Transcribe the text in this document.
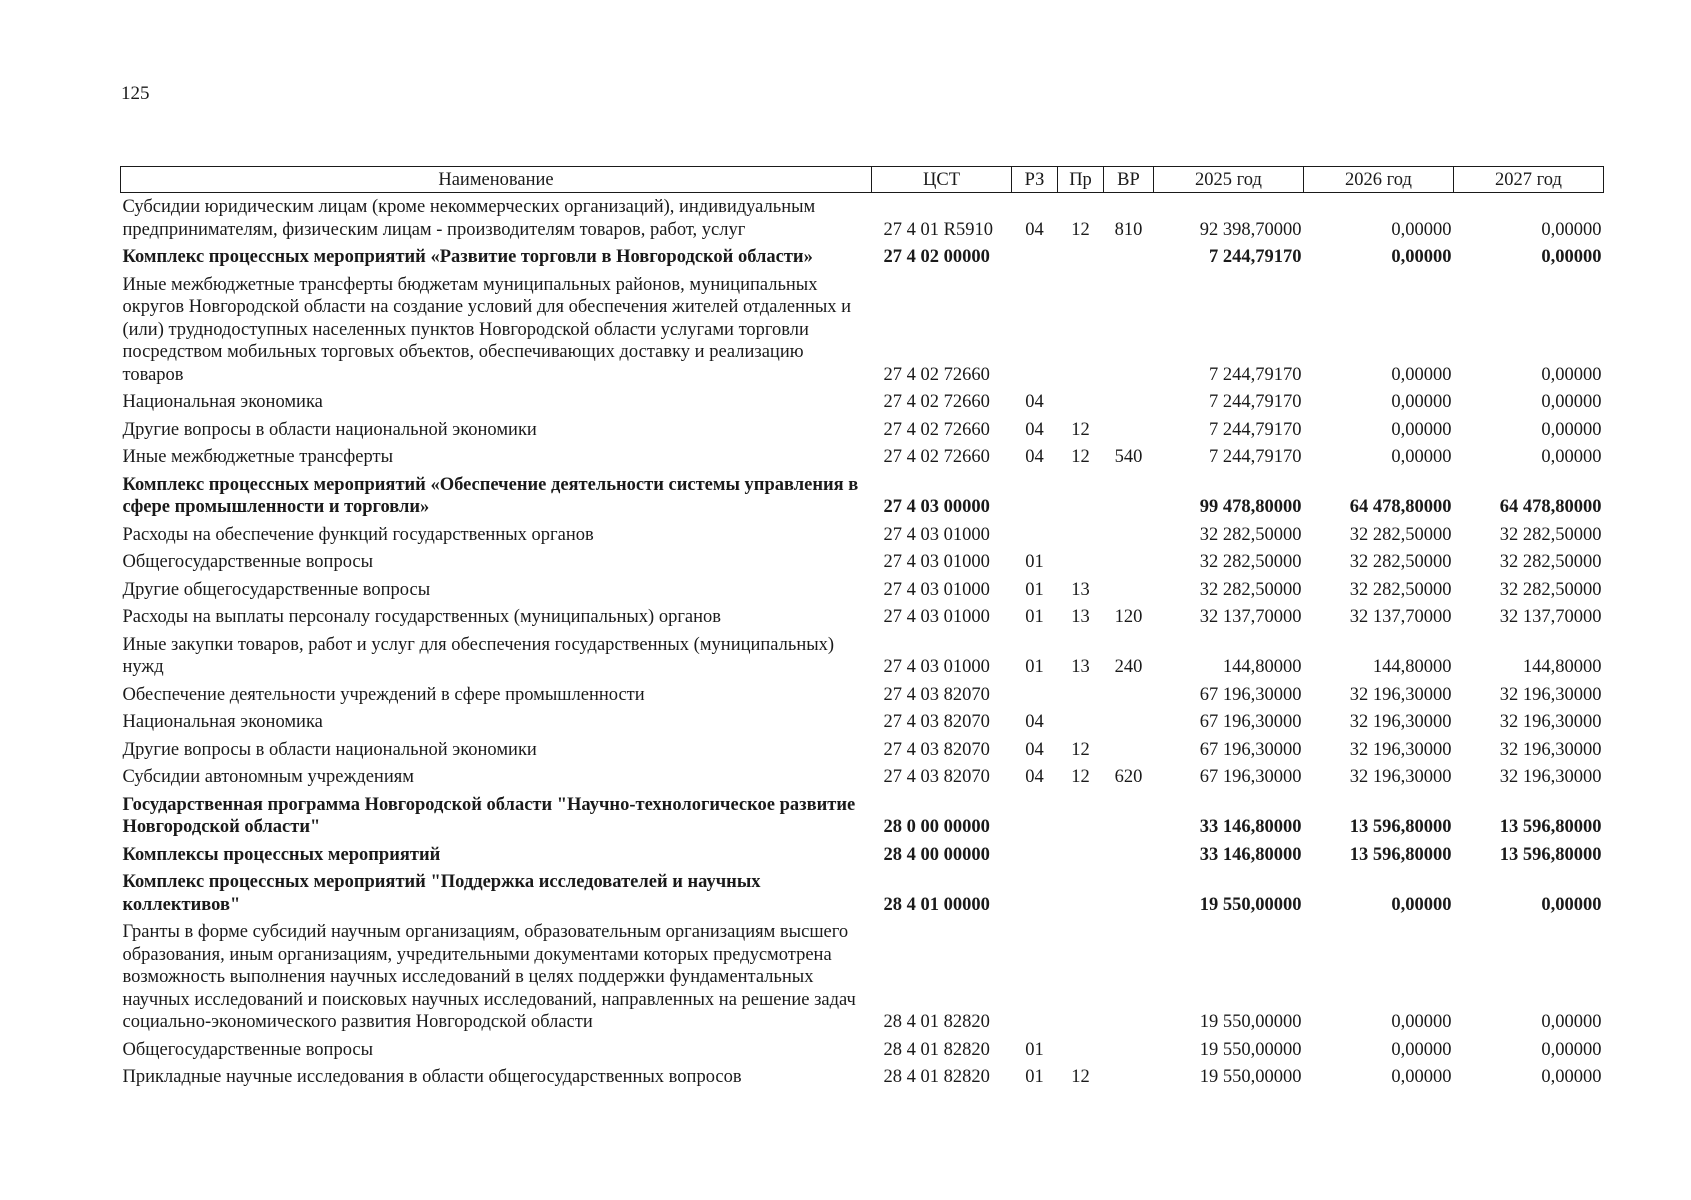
125
Наименование	ЦСТ	РЗ	Пр	ВР	2025 год	2026 год	2027 год
Субсидии юридическим лицам (кроме некоммерческих организаций), индивидуальным предпринимателям, физическим лицам - производителям товаров, работ, услуг	27 4 01 R5910	04	12	810	92 398,70000	0,00000	0,00000
Комплекс процессных мероприятий «Развитие торговли в Новгородской области»	27 4 02 00000				7 244,79170	0,00000	0,00000
Иные межбюджетные трансферты бюджетам муниципальных районов, муниципальных округов Новгородской области на создание условий для обеспечения жителей отдаленных и (или) труднодоступных населенных пунктов Новгородской области услугами торговли посредством мобильных торговых объектов, обеспечивающих доставку и реализацию товаров	27 4 02 72660				7 244,79170	0,00000	0,00000
Национальная экономика	27 4 02 72660	04			7 244,79170	0,00000	0,00000
Другие вопросы в области национальной экономики	27 4 02 72660	04	12		7 244,79170	0,00000	0,00000
Иные межбюджетные трансферты	27 4 02 72660	04	12	540	7 244,79170	0,00000	0,00000
Комплекс процессных мероприятий «Обеспечение деятельности системы управления в сфере промышленности и торговли»	27 4 03 00000				99 478,80000	64 478,80000	64 478,80000
Расходы на обеспечение функций государственных органов	27 4 03 01000				32 282,50000	32 282,50000	32 282,50000
Общегосударственные вопросы	27 4 03 01000	01			32 282,50000	32 282,50000	32 282,50000
Другие общегосударственные вопросы	27 4 03 01000	01	13		32 282,50000	32 282,50000	32 282,50000
Расходы на выплаты персоналу государственных (муниципальных) органов	27 4 03 01000	01	13	120	32 137,70000	32 137,70000	32 137,70000
Иные закупки товаров, работ и услуг для обеспечения государственных (муниципальных) нужд	27 4 03 01000	01	13	240	144,80000	144,80000	144,80000
Обеспечение деятельности учреждений в сфере промышленности	27 4 03 82070				67 196,30000	32 196,30000	32 196,30000
Национальная экономика	27 4 03 82070	04			67 196,30000	32 196,30000	32 196,30000
Другие вопросы в области национальной экономики	27 4 03 82070	04	12		67 196,30000	32 196,30000	32 196,30000
Субсидии автономным учреждениям	27 4 03 82070	04	12	620	67 196,30000	32 196,30000	32 196,30000
Государственная программа Новгородской области "Научно-технологическое развитие Новгородской области"	28 0 00 00000				33 146,80000	13 596,80000	13 596,80000
Комплексы процессных мероприятий	28 4 00 00000				33 146,80000	13 596,80000	13 596,80000
Комплекс процессных мероприятий "Поддержка исследователей и научных коллективов"	28 4 01 00000				19 550,00000	0,00000	0,00000
Гранты в форме субсидий научным организациям, образовательным организациям высшего образования, иным организациям, учредительными документами которых предусмотрена возможность выполнения научных исследований в целях поддержки фундаментальных научных исследований и поисковых научных исследований, направленных на решение задач социально-экономического развития Новгородской области	28 4 01 82820				19 550,00000	0,00000	0,00000
Общегосударственные вопросы	28 4 01 82820	01			19 550,00000	0,00000	0,00000
Прикладные научные исследования в области общегосударственных вопросов	28 4 01 82820	01	12		19 550,00000	0,00000	0,00000
